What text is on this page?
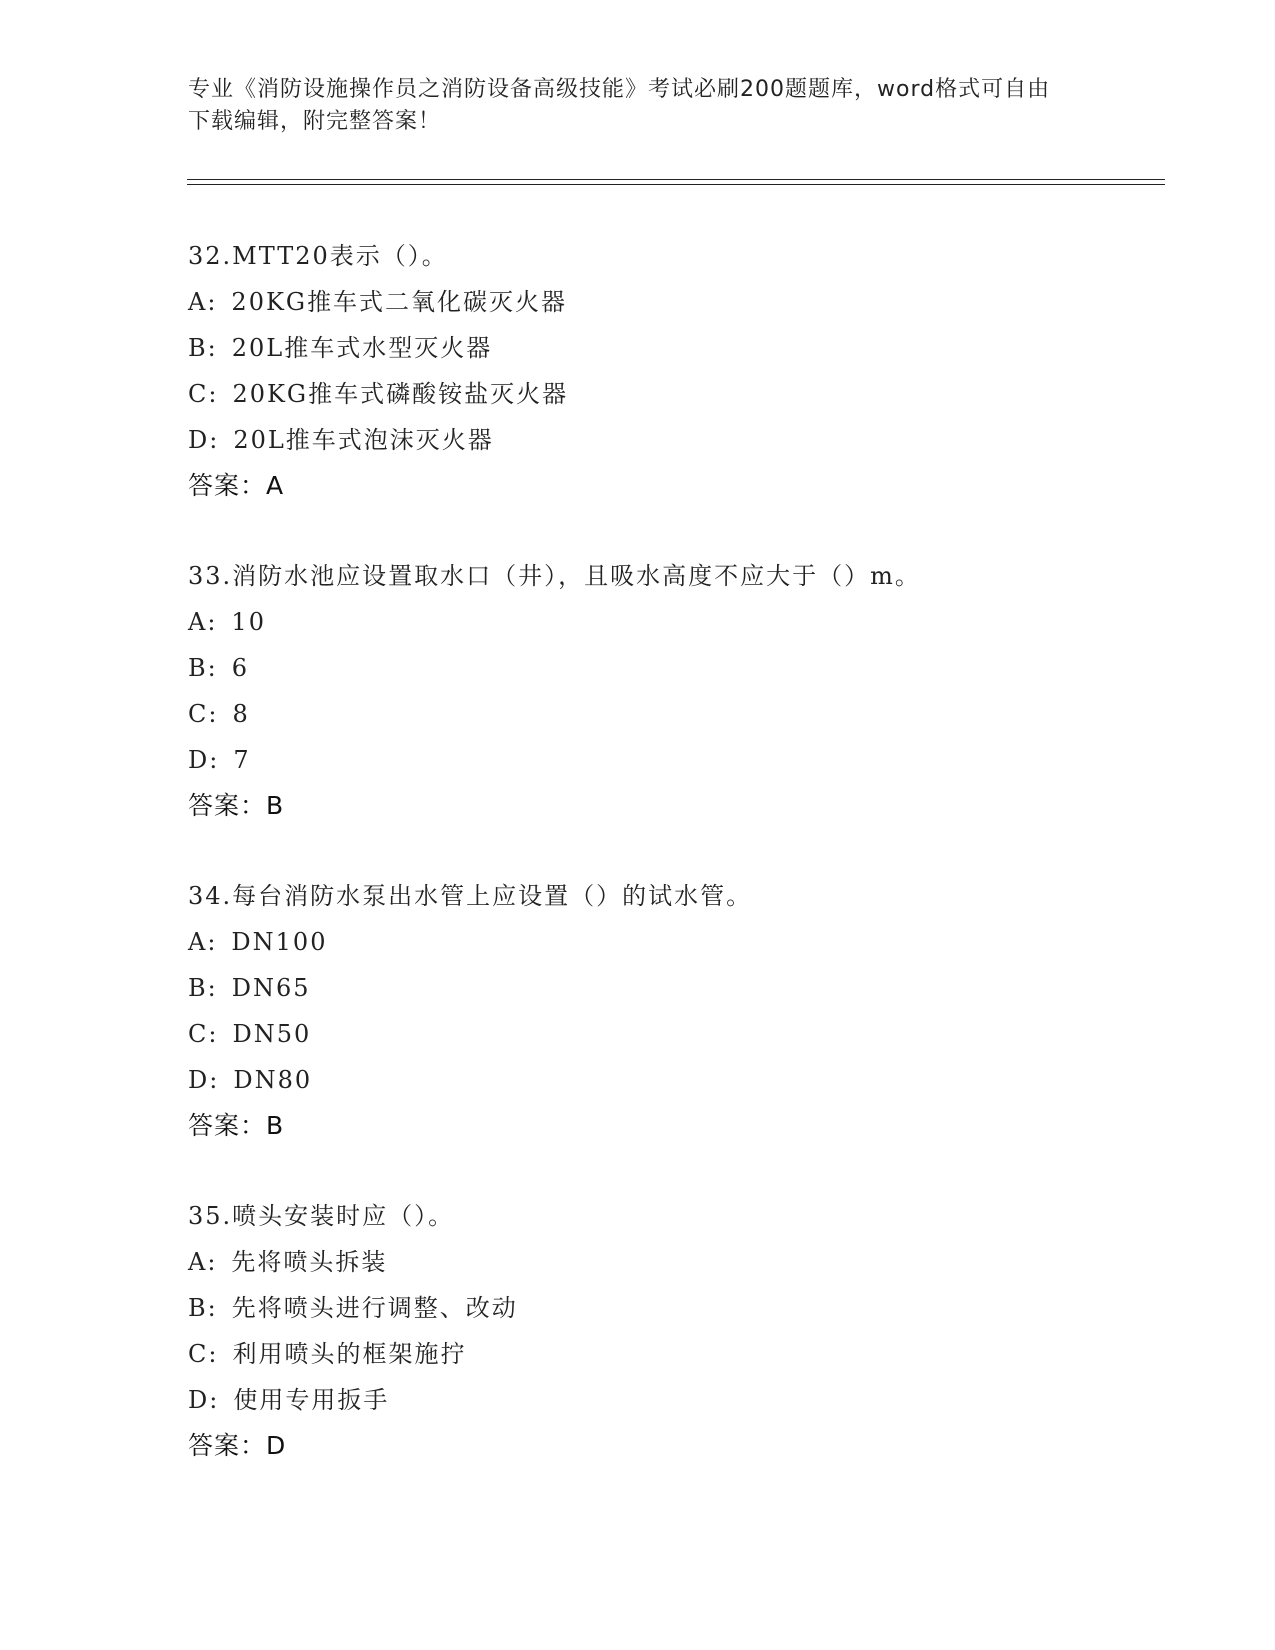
专业《消防设施操作员之消防设备高级技能》考试必刷200题题库，word格式可自由下载编辑，附完整答案！
32.MTT20表示（）。
A: 20KG推车式二氧化碳灭火器
B: 20L推车式水型灭火器
C: 20KG推车式磷酸铵盐灭火器
D: 20L推车式泡沫灭火器
答案：A
33.消防水池应设置取水口（井），且吸水高度不应大于（）m。
A: 10
B: 6
C: 8
D: 7
答案：B
34.每台消防水泵出水管上应设置（）的试水管。
A: DN100
B: DN65
C: DN50
D: DN80
答案：B
35.喷头安装时应（）。
A: 先将喷头拆装
B: 先将喷头进行调整、改动
C: 利用喷头的框架施拧
D: 使用专用扳手
答案：D
